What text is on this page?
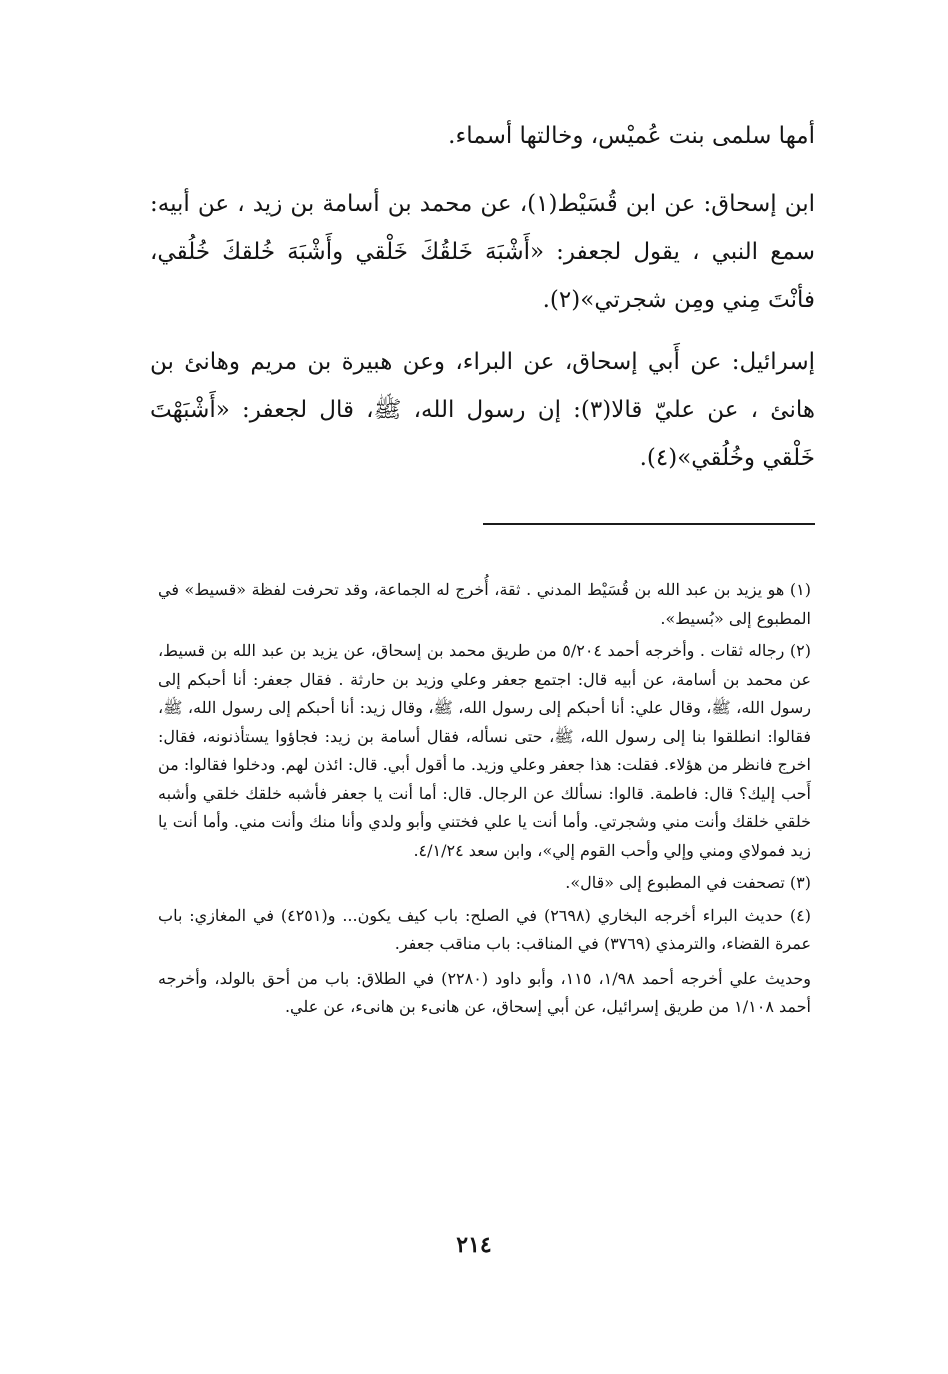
أمها سلمى بنت عُميْس، وخالتها أسماء.

ابن إسحاق: عن ابن قُسَيْط(١)، عن محمد بن أسامة بن زيد ، عن أبيه: سمع النبي ، يقول لجعفر: «أَشْبَهَ خَلقُكَ خَلْقي وأَشْبَهَ خُلقكَ خُلُقي، فأنْتَ مِني ومِن شجرتي»(٢).

إسرائيل: عن أَبي إسحاق، عن البراء، وعن هبيرة بن مريم وهانئ بن هانئ ، عن عليّ قالا(٣): إن رسول الله، ﷺ، قال لجعفر: «أَشْبَهْتَ خَلْقي وخُلُقي»(٤).

(١) هو يزيد بن عبد الله بن قُسَيْط المدني . ثقة، أُخرج له الجماعة، وقد تحرفت لفظة «قسيط» في المطبوع إلى «بُسيط».

(٢) رجاله ثقات . وأخرجه أحمد ٥/٢٠٤ من طريق محمد بن إسحاق، عن يزيد بن عبد الله بن قسيط، عن محمد بن أسامة، عن أبيه قال: اجتمع جعفر وعلي وزيد بن حارثة . فقال جعفر: أنا أحبكم إلى رسول الله، ﷺ، وقال علي: أنا أحبكم إلى رسول الله، ﷺ، وقال زيد: أنا أحبكم إلى رسول الله، ﷺ، فقالوا: انطلقوا بنا إلى رسول الله، ﷺ، حتى نسأله، فقال أسامة بن زيد: فجاؤوا يستأذنونه، فقال: اخرج فانظر من هؤلاء. فقلت: هذا جعفر وعلي وزيد. ما أقول أبي. قال: ائذن لهم. ودخلوا فقالوا: من أَحب إليك؟ قال: فاطمة. قالوا: نسألك عن الرجال. قال: أما أنت يا جعفر فأشبه خلقك خلقي وأشبه خلقي خلقك وأنت مني وشجرتي. وأما أنت يا علي فختني وأبو ولدي وأنا منك وأنت مني. وأما أنت يا زيد فمولاي ومني وإلي وأحب القوم إلي»، وابن سعد ٤/١/٢٤.

(٣) تصحفت في المطبوع إلى «قال».

(٤) حديث البراء أخرجه البخاري (٢٦٩٨) في الصلح: باب كيف يكون... و(٤٢٥١) في المغازي: باب عمرة القضاء، والترمذي (٣٧٦٩) في المناقب: باب مناقب جعفر.

وحديث علي أخرجه أحمد ١/٩٨، ١١٥، وأبو داود (٢٢٨٠) في الطلاق: باب من أحق بالولد، وأخرجه أحمد ١/١٠٨ من طريق إسرائيل، عن أبي إسحاق، عن هانىء بن هانىء، عن علي.

٢١٤
